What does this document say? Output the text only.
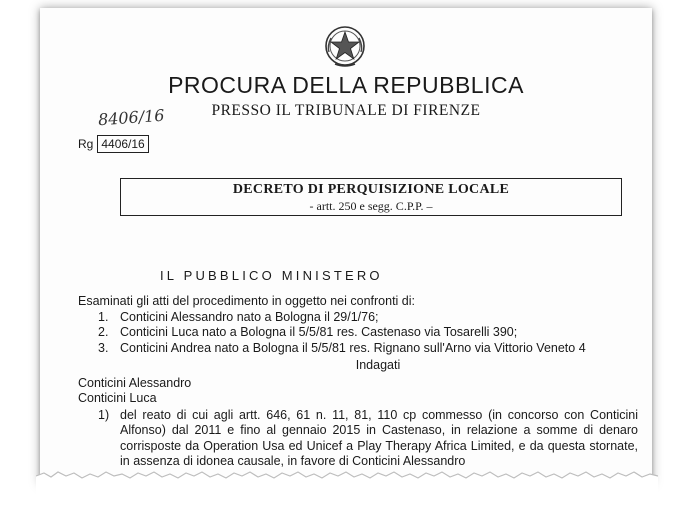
PROCURA DELLA REPUBBLICA
PRESSO IL TRIBUNALE DI FIRENZE
8406/16
Rg 4406/16
DECRETO DI PERQUISIZIONE LOCALE
- artt. 250 e segg. C.P.P. –
IL PUBBLICO MINISTERO

Esaminati gli atti del procedimento in oggetto nei confronti di:

1. Conticini Alessandro nato a Bologna il 29/1/76;
2. Conticini Luca nato a Bologna il 5/5/81 res. Castenaso via Tosarelli 390;
3. Conticini Andrea nato a Bologna il 5/5/81 res. Rignano sull'Arno via Vittorio Veneto 4
Indagati
Conticini Alessandro
Conticini Luca
1) del reato di cui agli artt. 646, 61 n. 11, 81, 110 cp commesso (in concorso con Conticini Alfonso) dal 2011 e fino al gennaio 2015 in Castenaso, in relazione a somme di denaro corrisposte da Operation Usa ed Unicef a Play Therapy Africa Limited, e da questa stornate, in assenza di idonea causale, in favore di Conticini Alessandro
